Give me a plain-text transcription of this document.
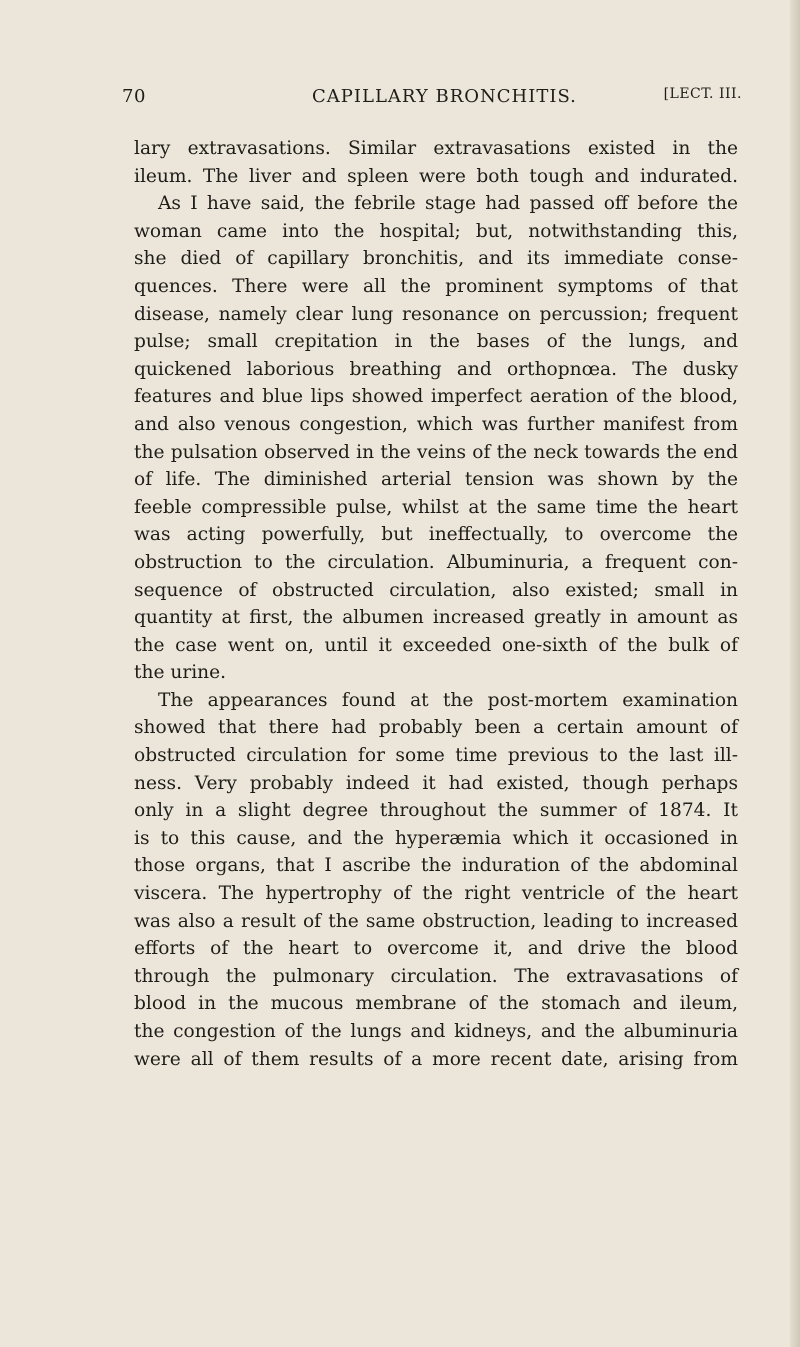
70	CAPILLARY BRONCHITIS.	[LECT. III.
lary extravasations. Similar extravasations existed in the
ileum. The liver and spleen were both tough and indurated.
As I have said, the febrile stage had passed off before the
woman came into the hospital; but, notwithstanding this,
she died of capillary bronchitis, and its immediate conse-
quences. There were all the prominent symptoms of that
disease, namely clear lung resonance on percussion; frequent
pulse; small crepitation in the bases of the lungs, and
quickened laborious breathing and orthopnœa. The dusky
features and blue lips showed imperfect aeration of the blood,
and also venous congestion, which was further manifest from
the pulsation observed in the veins of the neck towards the end
of life. The diminished arterial tension was shown by the
feeble compressible pulse, whilst at the same time the heart
was acting powerfully, but ineffectually, to overcome the
obstruction to the circulation. Albuminuria, a frequent con-
sequence of obstructed circulation, also existed; small in
quantity at first, the albumen increased greatly in amount as
the case went on, until it exceeded one-sixth of the bulk of
the urine.
The appearances found at the post-mortem examination
showed that there had probably been a certain amount of
obstructed circulation for some time previous to the last ill-
ness. Very probably indeed it had existed, though perhaps
only in a slight degree throughout the summer of 1874. It
is to this cause, and the hyperæmia which it occasioned in
those organs, that I ascribe the induration of the abdominal
viscera. The hypertrophy of the right ventricle of the heart
was also a result of the same obstruction, leading to increased
efforts of the heart to overcome it, and drive the blood
through the pulmonary circulation. The extravasations of
blood in the mucous membrane of the stomach and ileum,
the congestion of the lungs and kidneys, and the albuminuria
were all of them results of a more recent date, arising from
